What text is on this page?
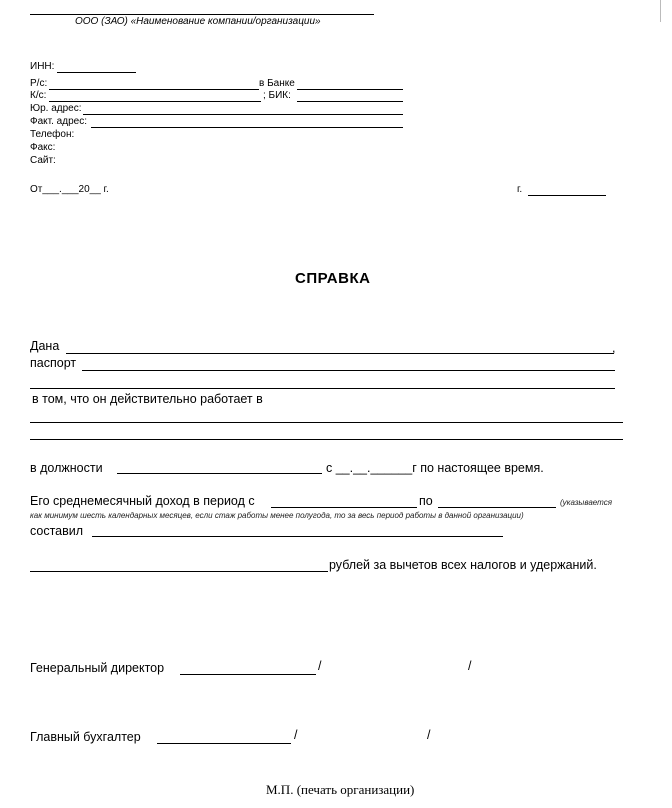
ООО (ЗАО) «Наименование компании/организации»
ИНН:
Р/с:	в Банке
К/с:	; БИК:
Юр. адрес:
Факт. адрес:
Телефон:
Факс:
Сайт:
От___.___20__ г.	г.
СПРАВКА
Дана	,
паспорт
в том, что он действительно работает в
в должности	с __.__.______г по настоящее время.
Его среднемесячный доход в период с	по	(указывается
как минимум шесть календарных месяцев, если стаж работы менее полугода, то за весь период работы в данной организации)
составил
рублей за вычетов всех налогов и удержаний.
Генеральный директор	/	/
Главный бухгалтер	/	/
М.П. (печать организации)
